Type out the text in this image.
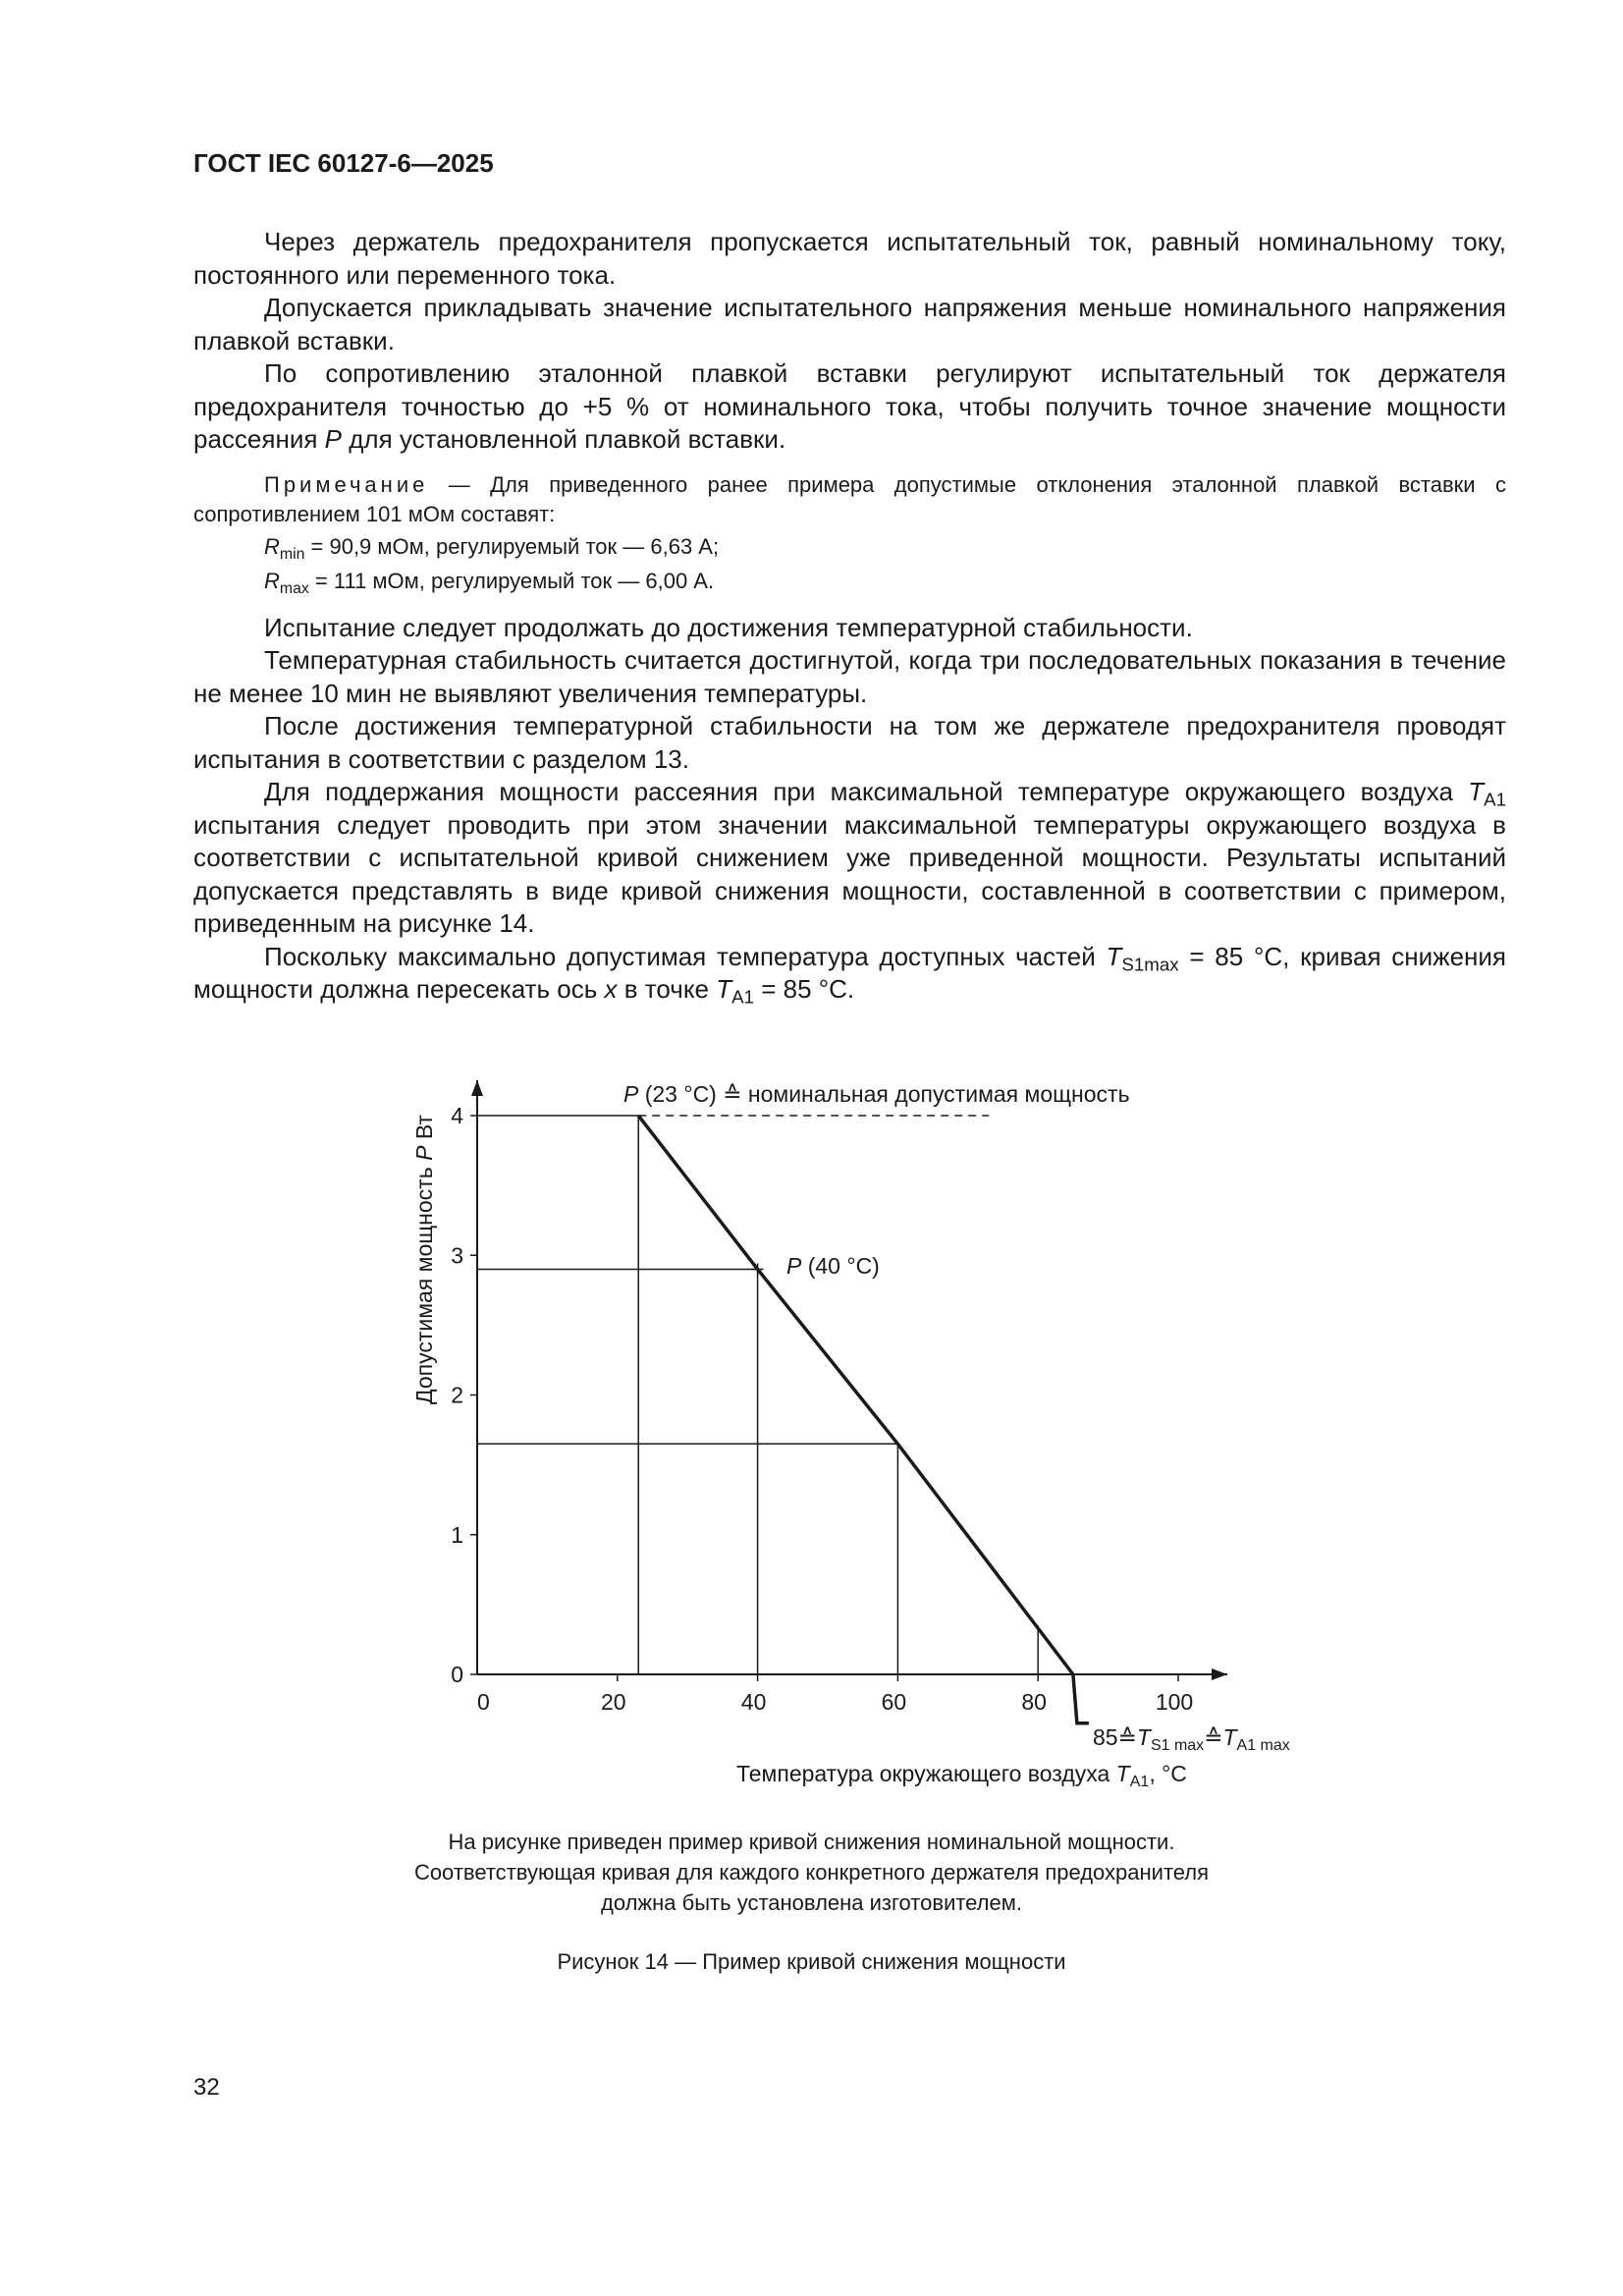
ГОСТ IEC 60127-6—2025

Через держатель предохранителя пропускается испытательный ток, равный номинальному току, постоянного или переменного тока.

Допускается прикладывать значение испытательного напряжения меньше номинального напряжения плавкой вставки.

По сопротивлению эталонной плавкой вставки регулируют испытательный ток держателя предохранителя точностью до +5 % от номинального тока, чтобы получить точное значение мощности рассеяния P для установленной плавкой вставки.

Примечание — Для приведенного ранее примера допустимые отклонения эталонной плавкой вставки с сопротивлением 101 мОм составят:

$R_{min} = 90,9$ мОм, регулируемый ток — 6,63 А;

$R_{max} = 111$ мОм, регулируемый ток — 6,00 А.

Испытание следует продолжать до достижения температурной стабильности.

Температурная стабильность считается достигнутой, когда три последовательных показания в течение не менее 10 мин не выявляют увеличения температуры.

После достижения температурной стабильности на том же держателе предохранителя проводят испытания в соответствии с разделом 13.

Для поддержания мощности рассеяния при максимальной температуре окружающего воздуха $T_{A1}$ испытания следует проводить при этом значении максимальной температуры окружающего воздуха в соответствии с испытательной кривой снижением уже приведенной мощности. Результаты испытаний допускается представлять в виде кривой снижения мощности, составленной в соответствии с примером, приведенным на рисунке 14.

Поскольку максимально допустимая температура доступных частей $T_{S1max} = 85$ °C, кривая снижения мощности должна пересекать ось x в точке $T_{A1} = 85$ °C.

0
1
2
3
4
0	20	40	60	80	100
Допустимая мощность P Вт
P (23 °C) ≙ номинальная допустимая мощность
P (40 °C)
$85≙T_{S1 max}≙T_{A1 max}$
Температура окружающего воздуха $T_{A1}$, °C
На рисунке приведен пример кривой снижения номинальной мощности.
Соответствующая кривая для каждого конкретного держателя предохранителя
должна быть установлена изготовителем.
Рисунок 14 — Пример кривой снижения мощности
32
